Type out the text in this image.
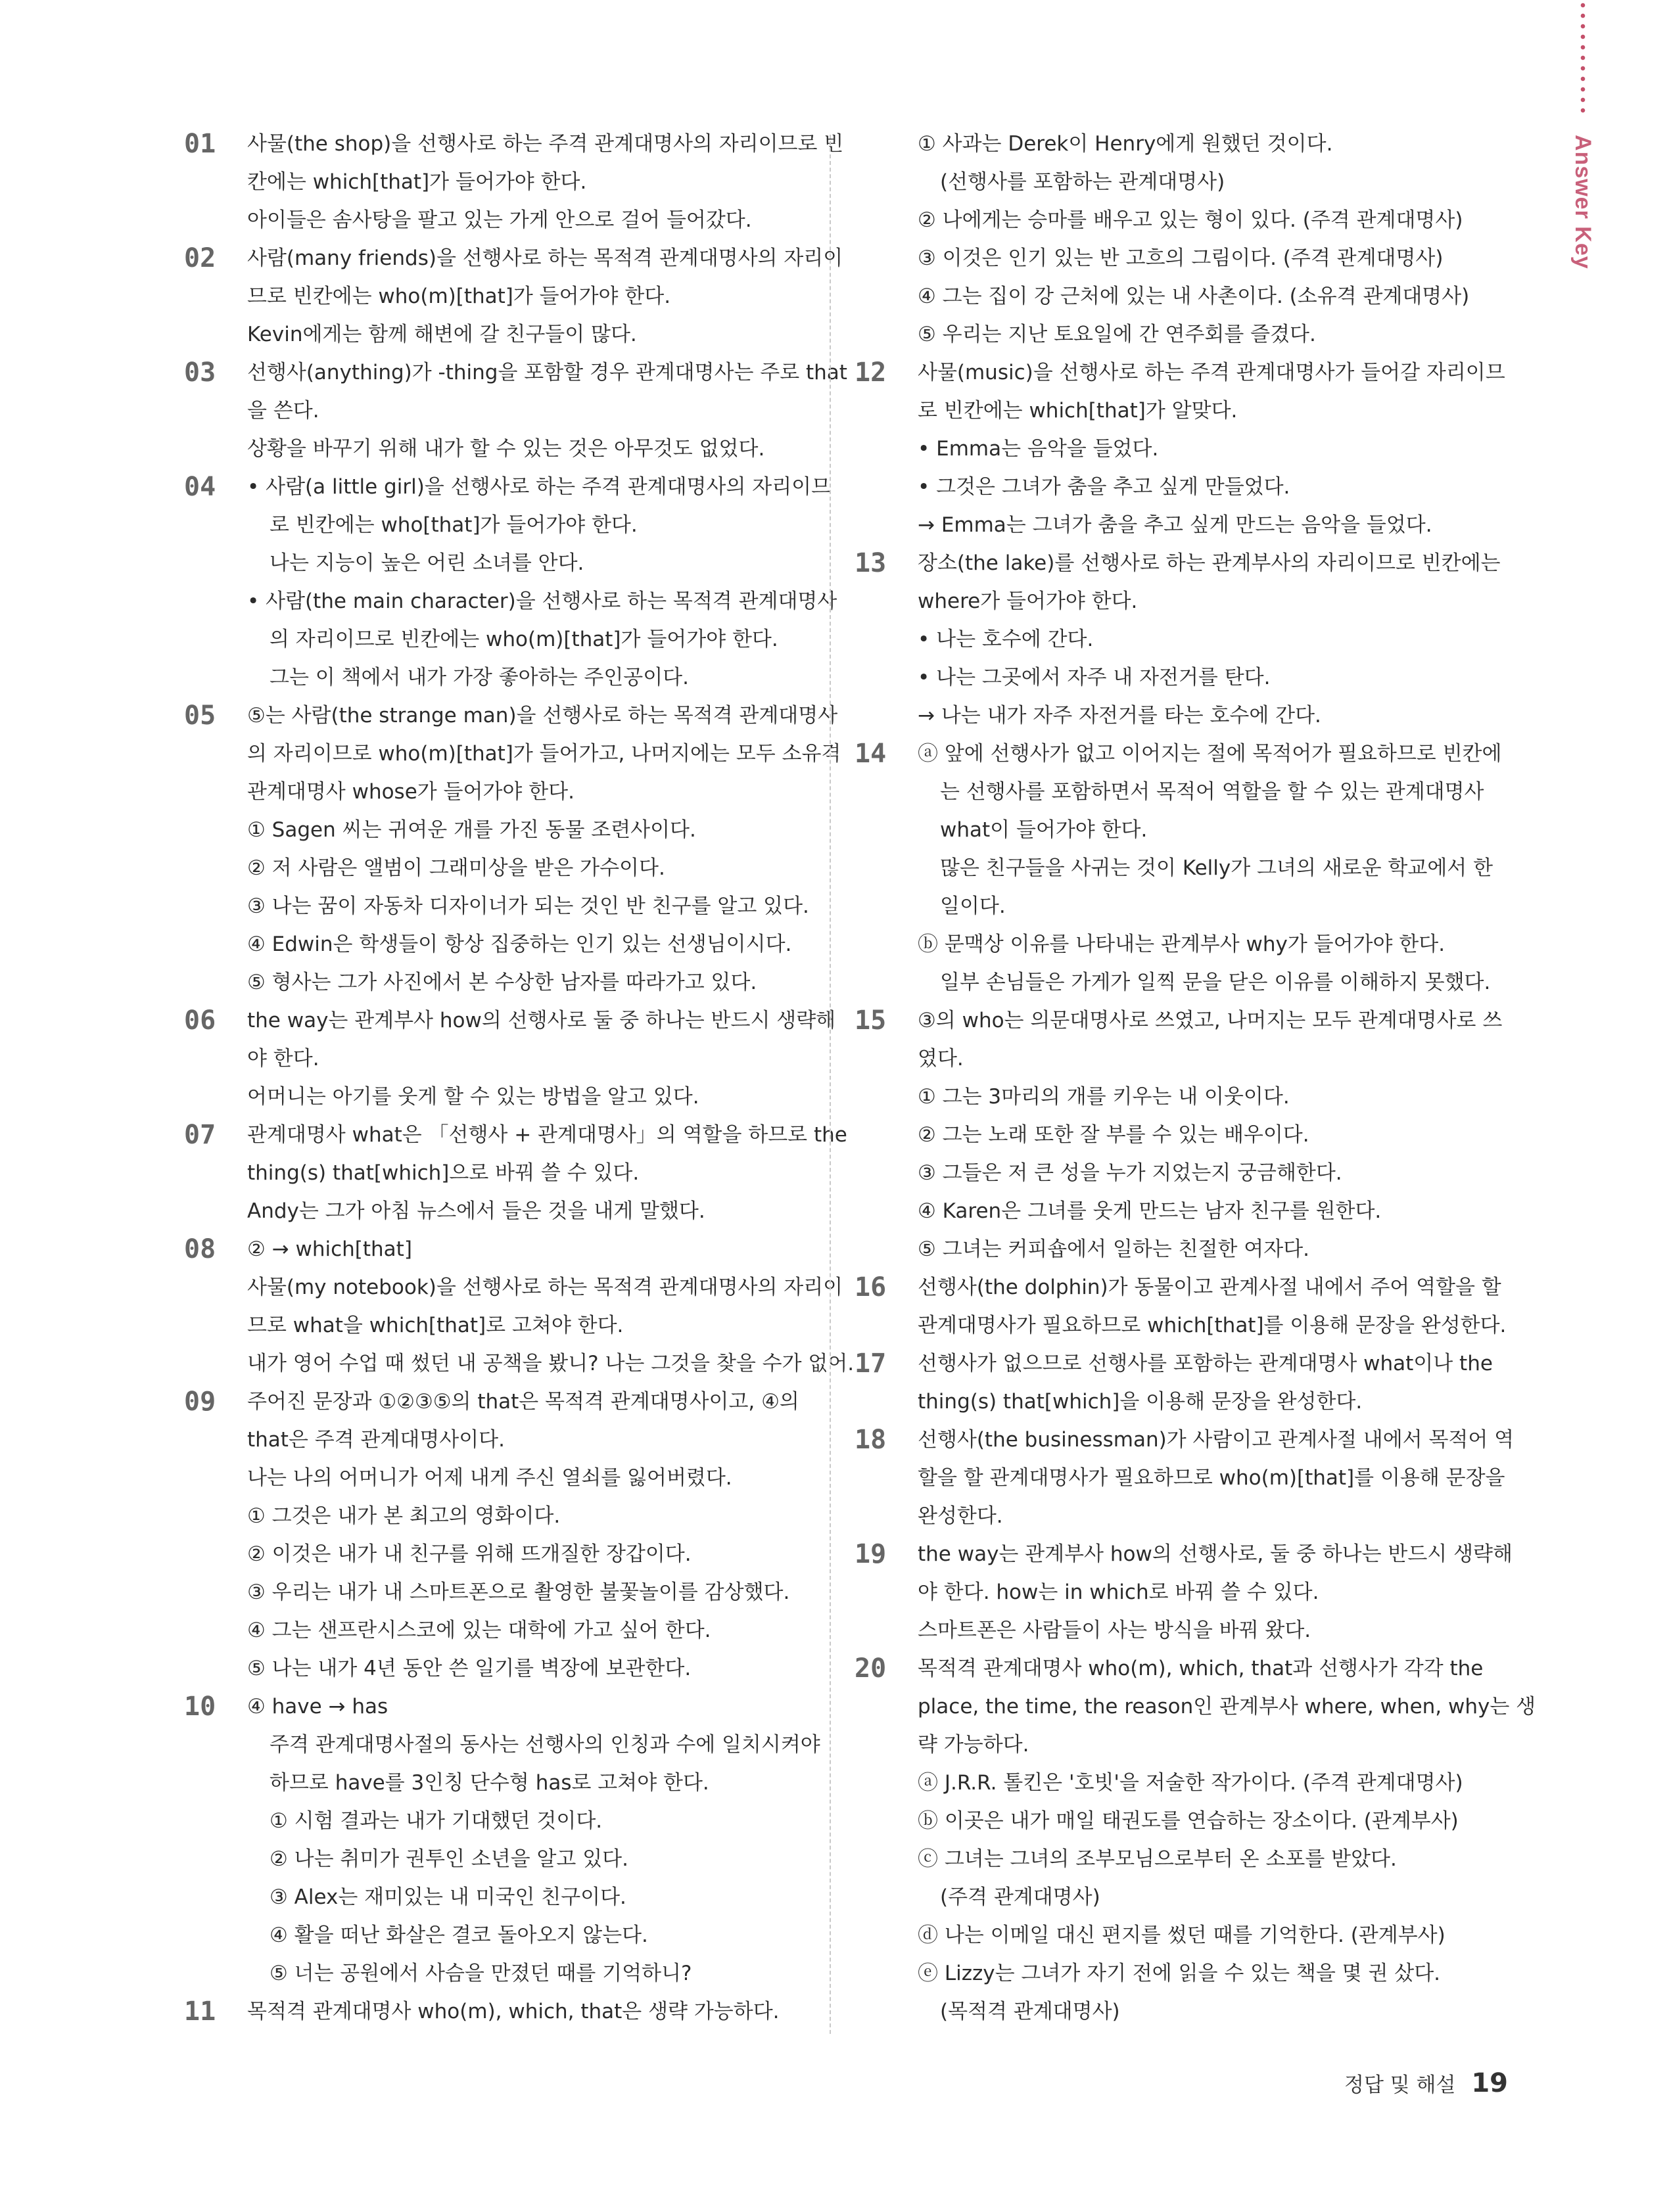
Answer Key
01	사물(the shop)을 선행사로 하는 주격 관계대명사의 자리이므로 빈
칸에는 which[that]가 들어가야 한다.
아이들은 솜사탕을 팔고 있는 가게 안으로 걸어 들어갔다.
02	사람(many friends)을 선행사로 하는 목적격 관계대명사의 자리이
므로 빈칸에는 who(m)[that]가 들어가야 한다.
Kevin에게는 함께 해변에 갈 친구들이 많다.
03	선행사(anything)가 -thing을 포함할 경우 관계대명사는 주로 that
을 쓴다.
상황을 바꾸기 위해 내가 할 수 있는 것은 아무것도 없었다.
04	• 사람(a little girl)을 선행사로 하는 주격 관계대명사의 자리이므
로 빈칸에는 who[that]가 들어가야 한다.
나는 지능이 높은 어린 소녀를 안다.
• 사람(the main character)을 선행사로 하는 목적격 관계대명사
의 자리이므로 빈칸에는 who(m)[that]가 들어가야 한다.
그는 이 책에서 내가 가장 좋아하는 주인공이다.
05	⑤는 사람(the strange man)을 선행사로 하는 목적격 관계대명사
의 자리이므로 who(m)[that]가 들어가고, 나머지에는 모두 소유격
관계대명사 whose가 들어가야 한다.
① Sagen 씨는 귀여운 개를 가진 동물 조련사이다.
② 저 사람은 앨범이 그래미상을 받은 가수이다.
③ 나는 꿈이 자동차 디자이너가 되는 것인 반 친구를 알고 있다.
④ Edwin은 학생들이 항상 집중하는 인기 있는 선생님이시다.
⑤ 형사는 그가 사진에서 본 수상한 남자를 따라가고 있다.
06	the way는 관계부사 how의 선행사로 둘 중 하나는 반드시 생략해
야 한다.
어머니는 아기를 웃게 할 수 있는 방법을 알고 있다.
07	관계대명사 what은 「선행사 + 관계대명사」의 역할을 하므로 the
thing(s) that[which]으로 바꿔 쓸 수 있다.
Andy는 그가 아침 뉴스에서 들은 것을 내게 말했다.
08	② → which[that]
사물(my notebook)을 선행사로 하는 목적격 관계대명사의 자리이
므로 what을 which[that]로 고쳐야 한다.
내가 영어 수업 때 썼던 내 공책을 봤니? 나는 그것을 찾을 수가 없어.
09	주어진 문장과 ①②③⑤의 that은 목적격 관계대명사이고, ④의
that은 주격 관계대명사이다.
나는 나의 어머니가 어제 내게 주신 열쇠를 잃어버렸다.
① 그것은 내가 본 최고의 영화이다.
② 이것은 내가 내 친구를 위해 뜨개질한 장갑이다.
③ 우리는 내가 내 스마트폰으로 촬영한 불꽃놀이를 감상했다.
④ 그는 샌프란시스코에 있는 대학에 가고 싶어 한다.
⑤ 나는 내가 4년 동안 쓴 일기를 벽장에 보관한다.
10	④ have → has
주격 관계대명사절의 동사는 선행사의 인칭과 수에 일치시켜야
하므로 have를 3인칭 단수형 has로 고쳐야 한다.
① 시험 결과는 내가 기대했던 것이다.
② 나는 취미가 권투인 소년을 알고 있다.
③ Alex는 재미있는 내 미국인 친구이다.
④ 활을 떠난 화살은 결코 돌아오지 않는다.
⑤ 너는 공원에서 사슴을 만졌던 때를 기억하니?
11	목적격 관계대명사 who(m), which, that은 생략 가능하다.
① 사과는 Derek이 Henry에게 원했던 것이다.
(선행사를 포함하는 관계대명사)
② 나에게는 승마를 배우고 있는 형이 있다. (주격 관계대명사)
③ 이것은 인기 있는 반 고흐의 그림이다. (주격 관계대명사)
④ 그는 집이 강 근처에 있는 내 사촌이다. (소유격 관계대명사)
⑤ 우리는 지난 토요일에 간 연주회를 즐겼다.
12	사물(music)을 선행사로 하는 주격 관계대명사가 들어갈 자리이므
로 빈칸에는 which[that]가 알맞다.
• Emma는 음악을 들었다.
• 그것은 그녀가 춤을 추고 싶게 만들었다.
→ Emma는 그녀가 춤을 추고 싶게 만드는 음악을 들었다.
13	장소(the lake)를 선행사로 하는 관계부사의 자리이므로 빈칸에는
where가 들어가야 한다.
• 나는 호수에 간다.
• 나는 그곳에서 자주 내 자전거를 탄다.
→ 나는 내가 자주 자전거를 타는 호수에 간다.
14	ⓐ 앞에 선행사가 없고 이어지는 절에 목적어가 필요하므로 빈칸에
는 선행사를 포함하면서 목적어 역할을 할 수 있는 관계대명사
what이 들어가야 한다.
많은 친구들을 사귀는 것이 Kelly가 그녀의 새로운 학교에서 한
일이다.
ⓑ 문맥상 이유를 나타내는 관계부사 why가 들어가야 한다.
일부 손님들은 가게가 일찍 문을 닫은 이유를 이해하지 못했다.
15	③의 who는 의문대명사로 쓰였고, 나머지는 모두 관계대명사로 쓰
였다.
① 그는 3마리의 개를 키우는 내 이웃이다.
② 그는 노래 또한 잘 부를 수 있는 배우이다.
③ 그들은 저 큰 성을 누가 지었는지 궁금해한다.
④ Karen은 그녀를 웃게 만드는 남자 친구를 원한다.
⑤ 그녀는 커피숍에서 일하는 친절한 여자다.
16	선행사(the dolphin)가 동물이고 관계사절 내에서 주어 역할을 할
관계대명사가 필요하므로 which[that]를 이용해 문장을 완성한다.
17	선행사가 없으므로 선행사를 포함하는 관계대명사 what이나 the
thing(s) that[which]을 이용해 문장을 완성한다.
18	선행사(the businessman)가 사람이고 관계사절 내에서 목적어 역
할을 할 관계대명사가 필요하므로 who(m)[that]를 이용해 문장을
완성한다.
19	the way는 관계부사 how의 선행사로, 둘 중 하나는 반드시 생략해
야 한다. how는 in which로 바꿔 쓸 수 있다.
스마트폰은 사람들이 사는 방식을 바꿔 왔다.
20	목적격 관계대명사 who(m), which, that과 선행사가 각각 the
place, the time, the reason인 관계부사 where, when, why는 생
략 가능하다.
ⓐ J.R.R. 톨킨은 '호빗'을 저술한 작가이다. (주격 관계대명사)
ⓑ 이곳은 내가 매일 태권도를 연습하는 장소이다. (관계부사)
ⓒ 그녀는 그녀의 조부모님으로부터 온 소포를 받았다.
(주격 관계대명사)
ⓓ 나는 이메일 대신 편지를 썼던 때를 기억한다. (관계부사)
ⓔ Lizzy는 그녀가 자기 전에 읽을 수 있는 책을 몇 권 샀다.
(목적격 관계대명사)
정답 및 해설 19
